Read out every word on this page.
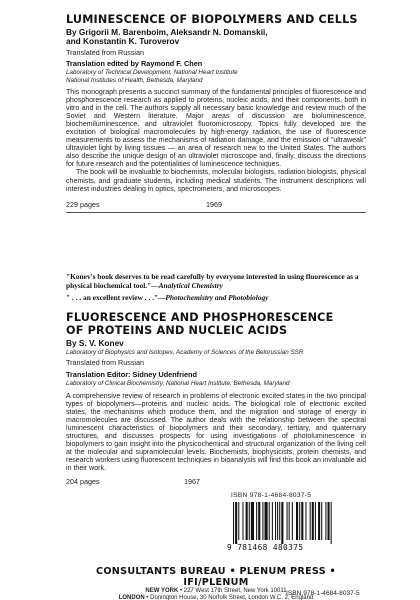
LUMINESCENCE OF BIOPOLYMERS AND CELLS
By Grigorii M. Barenboim, Aleksandr N. Domanskii,
and Konstantin K. Turoverov
Translated from Russian
Translation edited by Raymond F. Chen
Laboratory of Technical Development, National Heart Institute
National Institutes of Health, Bethesda, Maryland
This monograph presents a succinct summary of the fundamental principles of fluorescence and phosphorescence research as applied to proteins, nucleic acids, and their components, both in vitro and in the cell. The authors supply all necessary basic knowledge and review much of the Soviet and Western literature. Major areas of discussion are bioluminescence, biochemiluminescence, and ultraviolet fluoromicroscopy. Topics fully developed are the excitation of biological macromolecules by high-energy radiation, the use of fluorescence measurements to assess the mechanisms of radiation damage, and the emission of "ultraweak" ultraviolet light by living tissues — an area of research new to the United States. The authors also describe the unique design of an ultraviolet microscope and, finally, discuss the directions for future research and the potentialities of luminescence techniques.
The book will be invaluable to biochemists, molecular biologists, radiation biologists, physical chemists, and graduate students, including medical students. The instrument descriptions will interest industries dealing in optics, spectrometers, and microscopes.
229 pages	1969
"Konev's book deserves to be read carefully by everyone interested in using fluorescence as a physical biochemical tool."—Analytical Chemistry
" . . . an excellent review . . ."—Photochemistry and Photobiology
FLUORESCENCE AND PHOSPHORESCENCE
OF PROTEINS AND NUCLEIC ACIDS
By S. V. Konev
Laboratory of Biophysics and Isotopes, Academy of Sciences of the Belorussian SSR
Translated from Russian
Translation Editor: Sidney Udenfriend
Laboratory of Clinical Biochemistry, National Heart Institute, Bethesda, Maryland
A comprehensive review of research in problems of electronic excited states in the two principal types of biopolymers—proteins and nucleic acids. The biological role of electronic excited states, the mechanisms which produce them, and the migration and storage of energy in macromolecules are discussed. The author deals with the relationship between the spectral luminescent characteristics of biopolymers and their secondary, tertiary, and quaternary structures, and discusses prospects for using investigations of photoluminescence in biopolymers to gain insight into the physicochemical and structural organization of the living cell at the molecular and supramolecular levels. Biochemists, biophysicists, protein chemists, and research workers using fluorescent techniques in bioanalysis will find this book an invaluable aid in their work.
204 pages	1967
ISBN 978-1-4684-8037-5
9 781468 480375
CONSULTANTS BUREAU • PLENUM PRESS • IFI/PLENUM
NEW YORK • 227 West 17th Street, New York 10011
LONDON • Donington House, 30 Norfolk Street, London W.C. 2, England
ISBN 978-1-4684-8037-5
